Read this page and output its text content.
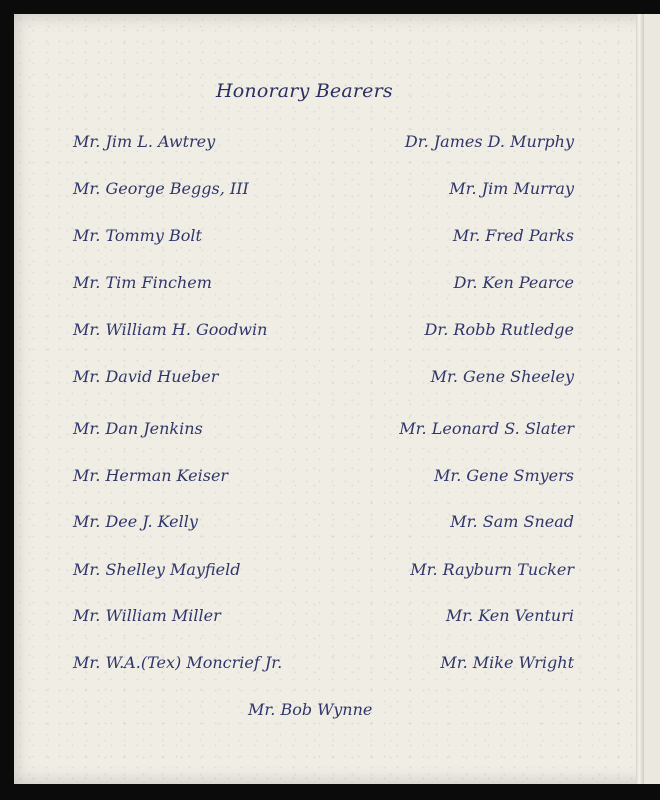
Honorary Bearers
Mr. Jim L. Awtrey
Mr. George Beggs, III
Mr. Tommy Bolt
Mr. Tim Finchem
Mr. William H. Goodwin
Mr. David Hueber
Mr. Dan Jenkins
Mr. Herman Keiser
Mr. Dee J. Kelly
Mr. Shelley Mayfield
Mr. William Miller
Mr. W.A.(Tex) Moncrief Jr.
Dr. James D. Murphy
Mr. Jim Murray
Mr. Fred Parks
Dr. Ken Pearce
Dr. Robb Rutledge
Mr. Gene Sheeley
Mr. Leonard S. Slater
Mr. Gene Smyers
Mr. Sam Snead
Mr. Rayburn Tucker
Mr. Ken Venturi
Mr. Mike Wright
Mr. Bob Wynne
